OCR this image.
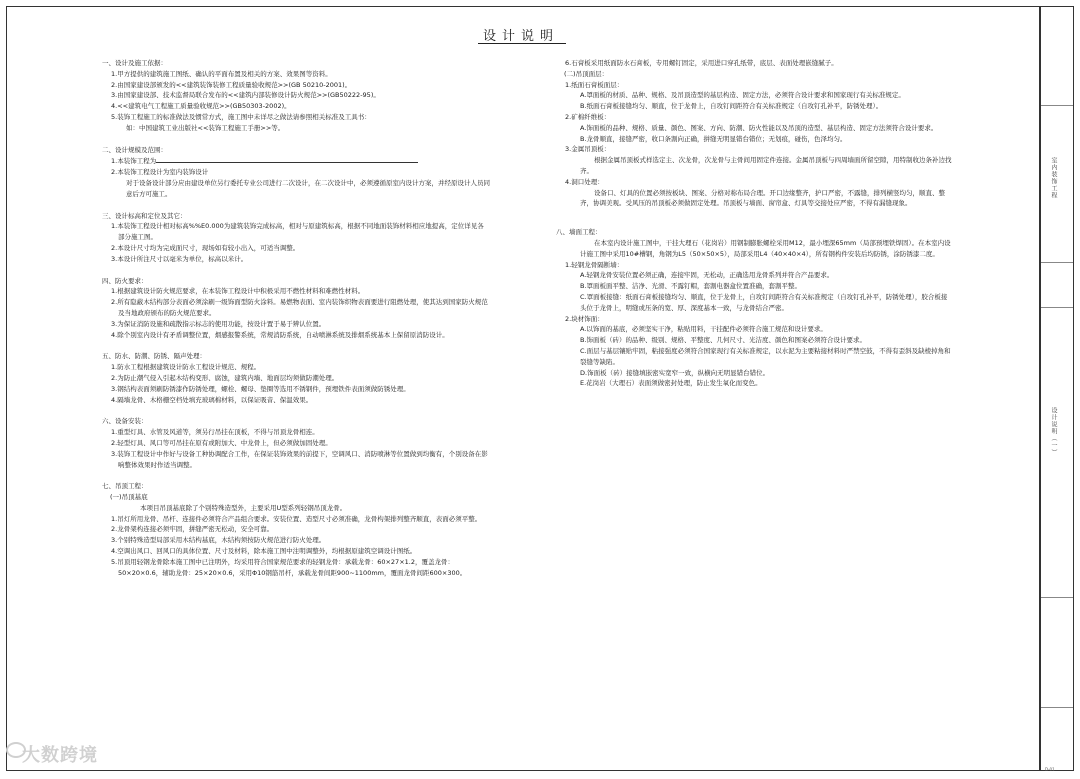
设计说明
一、设计及施工依据：
1.甲方提供的建筑施工图纸、确认的平面布置及相关的方案、效果图等资料。
2.由国家建设部颁发的<<建筑装饰装修工程质量验收规范>>(GB 50210-2001)。
3.由国家建设部、技术监督局联合发布的<<建筑内部装修设计防火规范>>(GB50222-95)。
4.<<建筑电气工程施工质量验收规范>>(GB50303-2002)。
5.装饰工程施工的标准做法及惯常方式，施工图中未详尽之做法请参照相关标准及工具书：
如：中国建筑工业出版社<<装饰工程施工手册>>等。
二、设计规模及范围：
1.本装饰工程为
2.本装饰工程设计为室内装饰设计
对于设备设计部分应由建设单位另行委托专业公司进行二次设计，在二次设计中，必须遵循原室内设计方案，并经原设计人员同意后方可施工。
三、设计标高和定位及其它：
1.本装饰工程设计相对标高%%E0.000为建筑装饰完成标高，相对与原建筑标高，根据不同地面装饰材料相应地提高，定位详见各部分施工图。
2.本设计尺寸均为完成面尺寸，现场如有较小出入，可适当调整。
3.本设计所注尺寸以毫米为单位，标高以米计。
四、防火要求：
1.根据建筑设计防火规范要求，在本装饰工程设计中积极采用不燃性材料和难燃性材料。
2.所有隐蔽木结构部分表面必须涂刷一级饰面型防火涂料。易燃物表面、室内装饰织物表面要进行阻燃处理，使其达到国家防火规范及当地政府颁布的防火规范要求。
3.为保证消防设施和疏散指示标志的使用功能，按设计置于易于辨认位置。
4.除个别室内设计有矛盾调整位置，烟感报警系统，常规消防系统，自动喷淋系统及排烟系统基本上保留原消防设计。
五、防水、防潮、防锈、隔声处理：
1.防水工程根据建筑设计防水工程设计规范、规程。
2.为防止潮气侵入引起木结构变形、腐蚀，建筑内墙、地面层均须做防潮处理。
3.钢结构表面须刷防锈漆作防锈处理，螺栓、螺母、垫圈等选用不锈钢件，预埋铁件表面须做防锈处理。
4.隔墙龙骨、木格栅空档处填充玻璃棉材料，以保证吸音、保温效果。
六、设备安装：
1.重型灯具、水管及风道等，须另行吊挂在顶板，不得与吊顶龙骨相连。
2.轻型灯具、风口等可吊挂在原有或附加大、中龙骨上，但必须做加固处理。
3.装饰工程设计中作好与设备工种协调配合工作，在保证装饰效果的前提下，空调风口、消防喷淋等位置做到均衡有，个别设备在影响整体效果时作适当调整。
七、吊顶工程：
(一)吊顶基底
本项目吊顶基底除了个别特殊造型外，主要采用U型系列轻钢吊顶龙骨。
1.吊灯所用龙骨、吊杆、连接件必须符合产品组合要求。安装位置、造型尺寸必须准确，龙骨构架排列整齐顺直，表面必须平整。
2.龙骨架构连接必须牢固，拼缝严密无松动，安全可靠。
3.个别特殊造型局部采用木结构基底，木结构须按防火规范进行防火处理。
4.空调出风口、回风口的具体位置、尺寸及材料，除本施工图中注明调整外，均根据原建筑空调设计图纸。
5.吊顶用轻钢龙骨除本施工图中已注明外，均采用符合国家规范要求的轻钢龙骨：承载龙骨：60×27×1.2，覆盖龙骨：50×20×0.6，辅助龙骨：25×20×0.6，采用Φ10钢筋吊杆，承载龙骨间距900~1100mm，覆面龙骨间距600×300。
6.石膏板采用纸面防水石膏板，专用螺钉固定，采用进口穿孔纸带，底层、表面处理嵌缝腻子。
(二)吊顶面层：
1.纸面石膏板面层：
A.罩面板的材质、品种、规格、及吊顶造型的基层构造、固定方法，必须符合设计要求和国家现行有关标准规定。
B.纸面石膏板接缝均匀、顺直，位于龙骨上，自攻钉间距符合有关标准规定（自攻钉孔补平，防锈处理）。
2.矿棉纤维板：
A.饰面板的品种、规格、质量、颜色、图案、方向、防潮、防火性能以及吊顶的造型、基层构造、固定方法须符合设计要求。
B.龙骨顺直，接缝严密，收口条割向正确，拼缝无明显错台错位；无划痕，碰伤，色泽均匀。
3.金属吊顶板：
根据金属吊顶板式样选定主、次龙骨，次龙骨与主骨间用固定件连接。金属吊顶板与四周墙面所留空隙，用特制收边条补边找齐。
4.洞口处理：
设备口、灯具的位置必须按板块、图案、分格对称布局合理。开口边缘整齐，护口严密，不露缝，排列横竖均匀，顺直、整齐，协调美观。受风压的吊顶板必须做固定处理。吊顶板与墙面、窗帘盒、灯具等交接处应严密，不得有漏缝现象。
八、墙面工程：
在本室内设计施工图中，干挂大理石（花岗岩）用钢制膨胀螺栓采用M12，最小埋深65mm（局部预埋铁焊固）。在本室内设计施工图中采用10#槽钢，角钢为L5（50×50×5），局部采用L4（40×40×4），所有钢构件安装后均防锈，涂防锈漆二度。
1.轻钢龙骨隔断墙：
A.轻钢龙骨安装位置必须正确，连接牢固，无松动，正确选用龙骨系列并符合产品要求。
B.罩面板面平整、洁净、光滑、不露钉帽，套割电器盒位置准确，套割平整。
C.罩面板接缝：纸面石膏板接缝均匀、顺直，位于龙骨上，自攻钉间距符合有关标准规定（自攻钉孔补平，防锈处理），胶合板接头位于龙骨上，明缝或压条的宽、厚、深度基本一致，与龙骨结合严密。
2.块材饰面：
A.以饰面的基底，必须坚实干净，粘贴用料，干挂配件必须符合施工规范和设计要求。
B.饰面板（砖）的品种、级别、规格、平整度、几何尺寸、光洁度、颜色和图案必须符合设计要求。
C.面层与基层镶贴牢固，粘接强度必须符合国家现行有关标准规定，以水泥为主要粘接材料时严禁空鼓，不得有歪斜及缺棱掉角和裂缝等缺陷。
D.饰面板（砖）接缝填嵌密实宽窄一致，纵横向无明显错台错位。
E.花岗岩（大理石）表面须做密封处理，防止发生氧化而变色。
室内装饰工程
设计说明（一）
D-01
大数跨境
